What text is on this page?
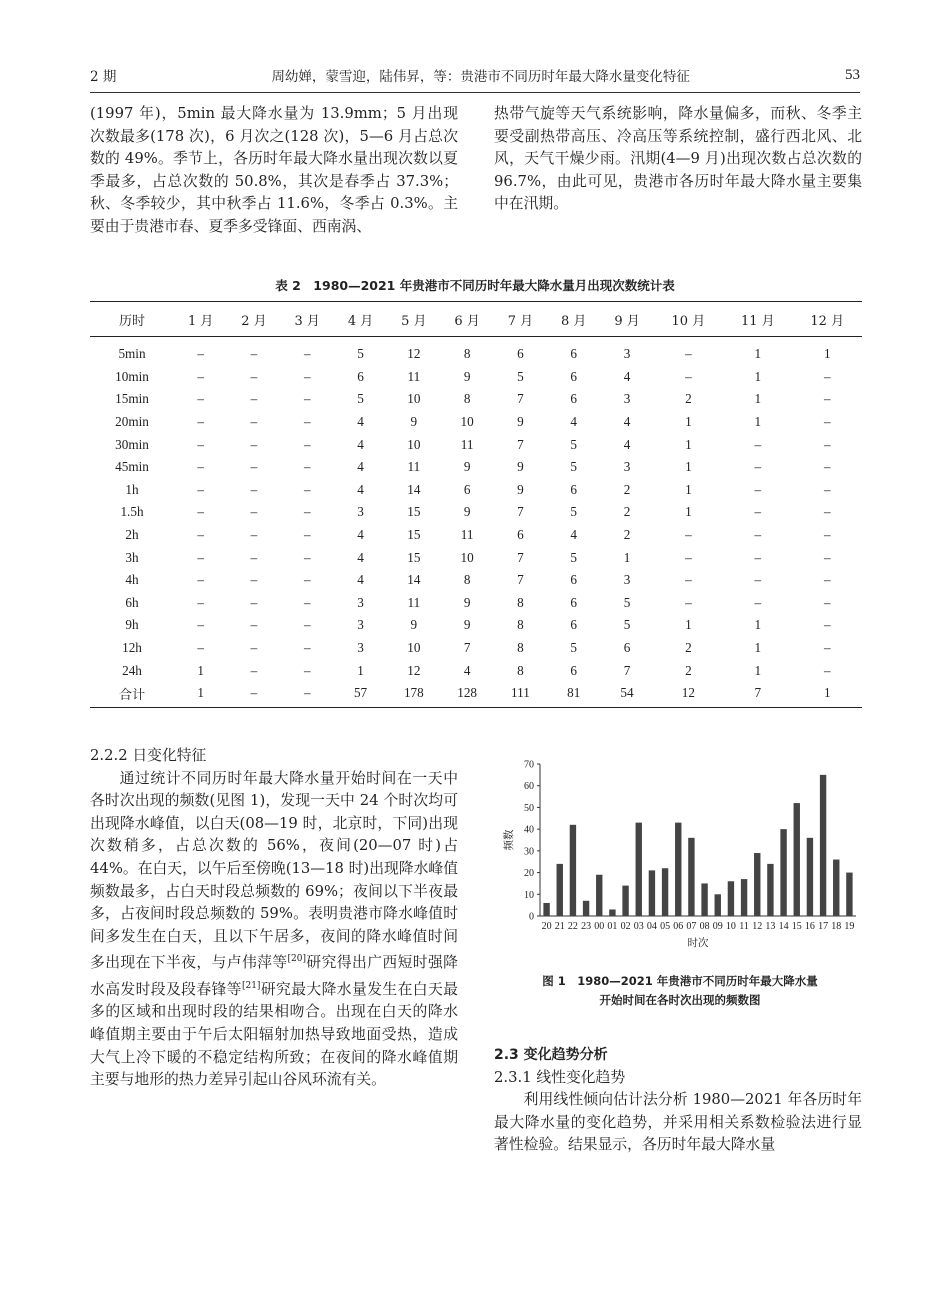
2 期	周幼婵，蒙雪迎，陆伟昇，等：贵港市不同历时年最大降水量变化特征	53

(1997 年)，5min 最大降水量为 13.9mm；5 月出现次数最多(178 次)，6 月次之(128 次)，5—6 月占总次数的 49%。季节上，各历时年最大降水量出现次数以夏季最多，占总次数的 50.8%，其次是春季占 37.3%；秋、冬季较少，其中秋季占 11.6%，冬季占 0.3%。主要由于贵港市春、夏季多受锋面、西南涡、

热带气旋等天气系统影响，降水量偏多，而秋、冬季主要受副热带高压、冷高压等系统控制，盛行西北风、北风，天气干燥少雨。汛期(4—9 月)出现次数占总次数的 96.7%，由此可见，贵港市各历时年最大降水量主要集中在汛期。

表 2　1980—2021 年贵港市不同历时年最大降水量月出现次数统计表
历时	1 月	2 月	3 月	4 月	5 月	6 月	7 月	8 月	9 月	10 月	11 月	12 月
5min	–	–	–	5	12	8	6	6	3	–	1	1
10min	–	–	–	6	11	9	5	6	4	–	1	–
15min	–	–	–	5	10	8	7	6	3	2	1	–
20min	–	–	–	4	9	10	9	4	4	1	1	–
30min	–	–	–	4	10	11	7	5	4	1	–	–
45min	–	–	–	4	11	9	9	5	3	1	–	–
1h	–	–	–	4	14	6	9	6	2	1	–	–
1.5h	–	–	–	3	15	9	7	5	2	1	–	–
2h	–	–	–	4	15	11	6	4	2	–	–	–
3h	–	–	–	4	15	10	7	5	1	–	–	–
4h	–	–	–	4	14	8	7	6	3	–	–	–
6h	–	–	–	3	11	9	8	6	5	–	–	–
9h	–	–	–	3	9	9	8	6	5	1	1	–
12h	–	–	–	3	10	7	8	5	6	2	1	–
24h	1	–	–	1	12	4	8	6	7	2	1	–
合计	1	–	–	57	178	128	111	81	54	12	7	1

2.2.2 日变化特征

通过统计不同历时年最大降水量开始时间在一天中各时次出现的频数(见图 1)，发现一天中 24 个时次均可出现降水峰值，以白天(08—19 时，北京时，下同)出现次数稍多，占总次数的 56%，夜间(20—07 时)占 44%。在白天，以午后至傍晚(13—18 时)出现降水峰值频数最多，占白天时段总频数的 69%；夜间以下半夜最多，占夜间时段总频数的 59%。表明贵港市降水峰值时间多发生在白天，且以下午居多，夜间的降水峰值时间多出现在下半夜，与卢伟萍等[20]研究得出广西短时强降水高发时段及段春锋等[21]研究最大降水量发生在白天最多的区域和出现时段的结果相吻合。出现在白天的降水峰值期主要由于午后太阳辐射加热导致地面受热，造成大气上冷下暖的不稳定结构所致；在夜间的降水峰值期主要与地形的热力差异引起山谷风环流有关。

0
10
20
30
40
50
60
70
20 21 22 23 00 01 02 03 04 05 06 07 08 09 10 11 12 13 14 15 16 17 18 19
时次
频数
图 1　1980—2021 年贵港市不同历时年最大降水量
开始时间在各时次出现的频数图

2.3 变化趋势分析

2.3.1 线性变化趋势

利用线性倾向估计法分析 1980—2021 年各历时年最大降水量的变化趋势，并采用相关系数检验法进行显著性检验。结果显示，各历时年最大降水量
